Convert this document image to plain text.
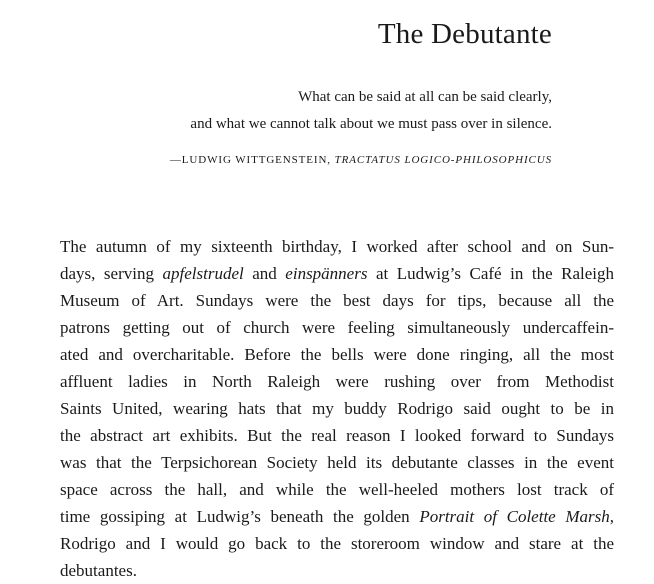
The Debutante
What can be said at all can be said clearly,
and what we cannot talk about we must pass over in silence.
—LUDWIG WITTGENSTEIN, TRACTATUS LOGICO-PHILOSOPHICUS
The autumn of my sixteenth birthday, I worked after school and on Sun-
days, serving apfelstrudel and einspänners at Ludwig’s Café in the Raleigh
Museum of Art. Sundays were the best days for tips, because all the
patrons getting out of church were feeling simultaneously undercaffein-
ated and overcharitable. Before the bells were done ringing, all the most
affluent ladies in North Raleigh were rushing over from Methodist
Saints United, wearing hats that my buddy Rodrigo said ought to be in
the abstract art exhibits. But the real reason I looked forward to Sundays
was that the Terpsichorean Society held its debutante classes in the event
space across the hall, and while the well-heeled mothers lost track of
time gossiping at Ludwig’s beneath the golden Portrait of Colette Marsh,
Rodrigo and I would go back to the storeroom window and stare at the
debutantes.
